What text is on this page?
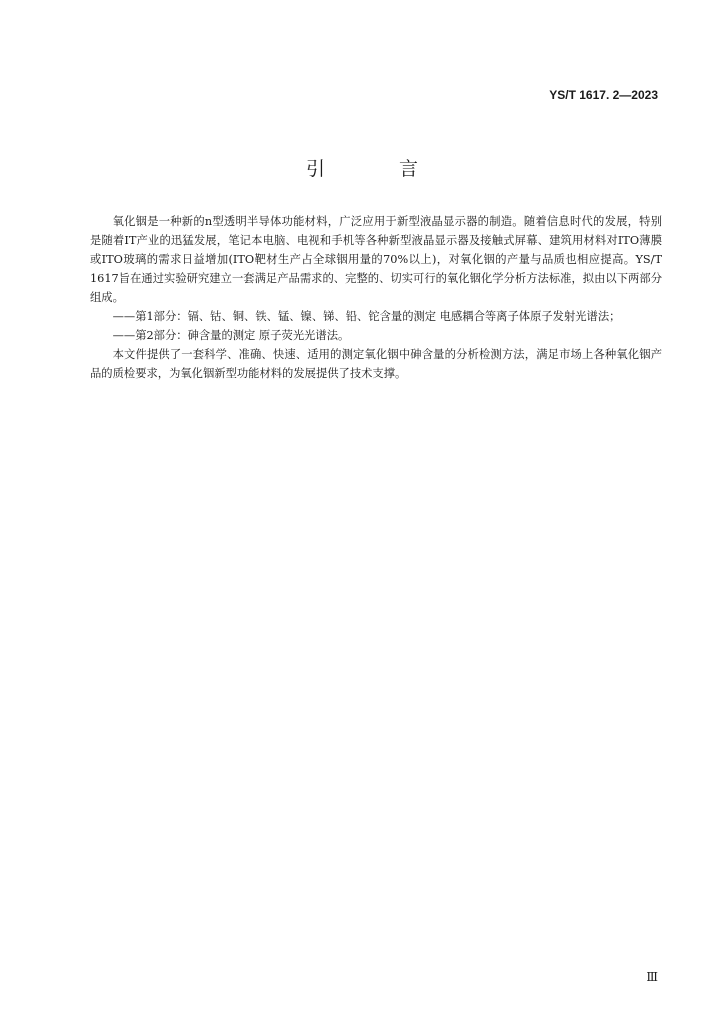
YS/T 1617. 2—2023
引 言

氧化铟是一种新的n型透明半导体功能材料，广泛应用于新型液晶显示器的制造。随着信息时代的发展，特别是随着IT产业的迅猛发展，笔记本电脑、电视和手机等各种新型液晶显示器及接触式屏幕、建筑用材料对ITO薄膜或ITO玻璃的需求日益增加(ITO靶材生产占全球铟用量的70%以上)，对氧化铟的产量与品质也相应提高。YS/T 1617旨在通过实验研究建立一套满足产品需求的、完整的、切实可行的氧化铟化学分析方法标准，拟由以下两部分组成。

——第1部分：镉、钴、铜、铁、锰、镍、锑、铅、铊含量的测定 电感耦合等离子体原子发射光谱法；

——第2部分：砷含量的测定 原子荧光光谱法。

本文件提供了一套科学、准确、快速、适用的测定氧化铟中砷含量的分析检测方法，满足市场上各种氧化铟产品的质检要求，为氧化铟新型功能材料的发展提供了技术支撑。

Ⅲ
